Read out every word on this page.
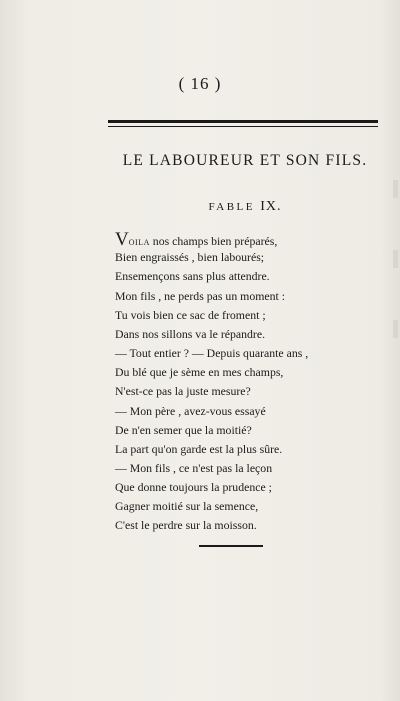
( 16 )
LE LABOUREUR ET SON FILS.
FABLE IX.
Voila nos champs bien préparés,
Bien engraissés , bien labourés;
Ensemençons sans plus attendre.
Mon fils , ne perds pas un moment :
Tu vois bien ce sac de froment ;
Dans nos sillons va le répandre.
— Tout entier ? — Depuis quarante ans ,
Du blé que je sème en mes champs,
N'est-ce pas la juste mesure?
— Mon père , avez-vous essayé
De n'en semer que la moitié?
La part qu'on garde est la plus sûre.
— Mon fils , ce n'est pas la leçon
Que donne toujours la prudence ;
Gagner moitié sur la semence,
C'est le perdre sur la moisson.
